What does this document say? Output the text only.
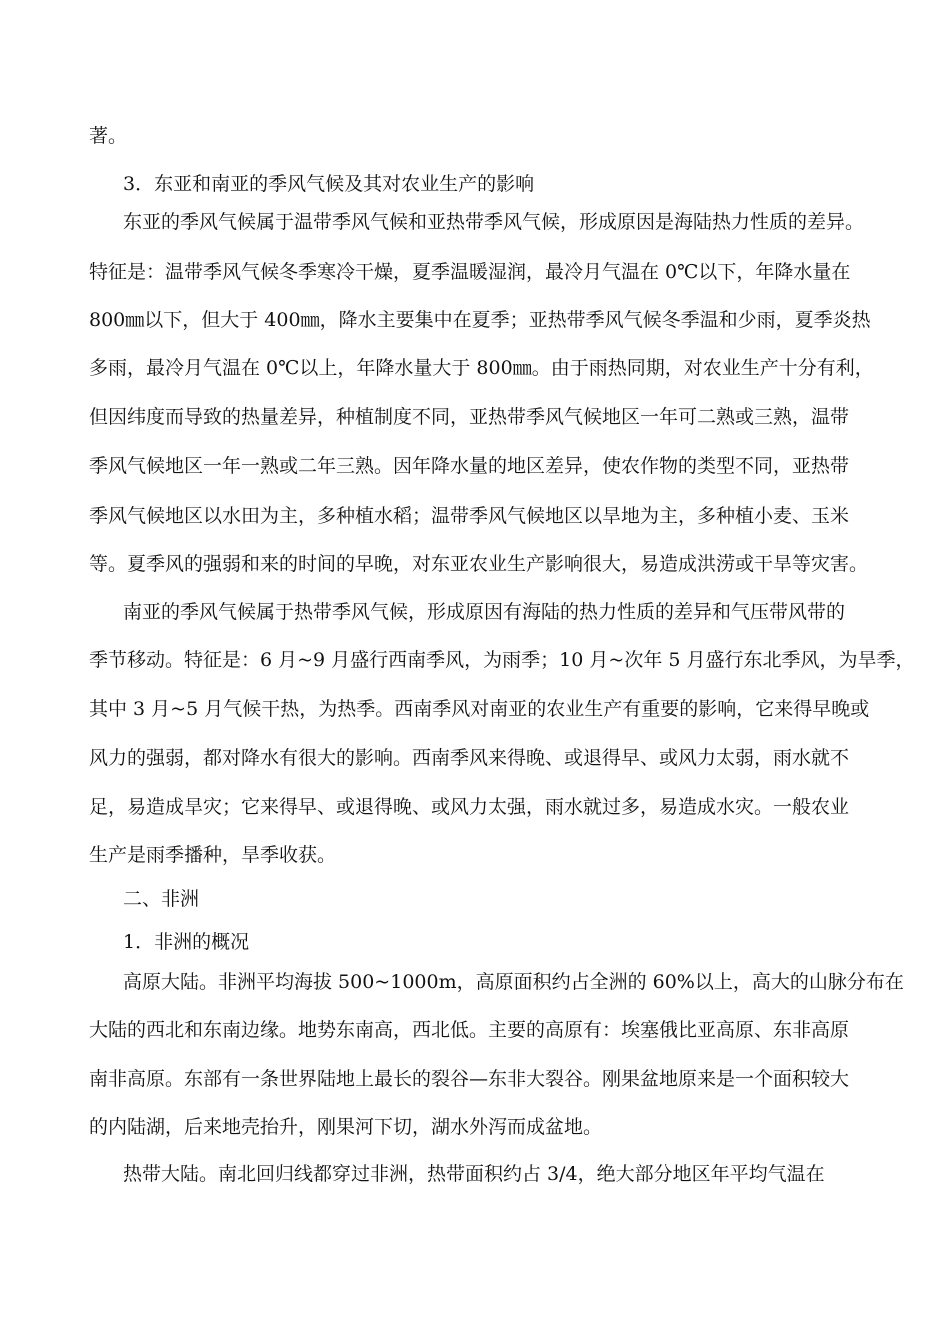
著。
3．东亚和南亚的季风气候及其对农业生产的影响
东亚的季风气候属于温带季风气候和亚热带季风气候，形成原因是海陆热力性质的差异。
特征是：温带季风气候冬季寒冷干燥，夏季温暖湿润，最冷月气温在 0℃以下，年降水量在
800㎜以下，但大于 400㎜，降水主要集中在夏季；亚热带季风气候冬季温和少雨，夏季炎热
多雨，最冷月气温在 0℃以上，年降水量大于 800㎜。由于雨热同期，对农业生产十分有利，
但因纬度而导致的热量差异，种植制度不同，亚热带季风气候地区一年可二熟或三熟，温带
季风气候地区一年一熟或二年三熟。因年降水量的地区差异，使农作物的类型不同，亚热带
季风气候地区以水田为主，多种植水稻；温带季风气候地区以旱地为主，多种植小麦、玉米
等。夏季风的强弱和来的时间的早晚，对东亚农业生产影响很大，易造成洪涝或干旱等灾害。
南亚的季风气候属于热带季风气候，形成原因有海陆的热力性质的差异和气压带风带的
季节移动。特征是：6 月~9 月盛行西南季风，为雨季；10 月~次年 5 月盛行东北季风，为旱季，
其中 3 月~5 月气候干热，为热季。西南季风对南亚的农业生产有重要的影响，它来得早晚或
风力的强弱，都对降水有很大的影响。西南季风来得晚、或退得早、或风力太弱，雨水就不
足，易造成旱灾；它来得早、或退得晚、或风力太强，雨水就过多，易造成水灾。一般农业
生产是雨季播种，旱季收获。
二、非洲
1．非洲的概况
高原大陆。非洲平均海拔 500~1000m，高原面积约占全洲的 60%以上，高大的山脉分布在
大陆的西北和东南边缘。地势东南高，西北低。主要的高原有：埃塞俄比亚高原、东非高原
南非高原。东部有一条世界陆地上最长的裂谷—东非大裂谷。刚果盆地原来是一个面积较大
的内陆湖，后来地壳抬升，刚果河下切，湖水外泻而成盆地。
热带大陆。南北回归线都穿过非洲，热带面积约占 3/4，绝大部分地区年平均气温在
